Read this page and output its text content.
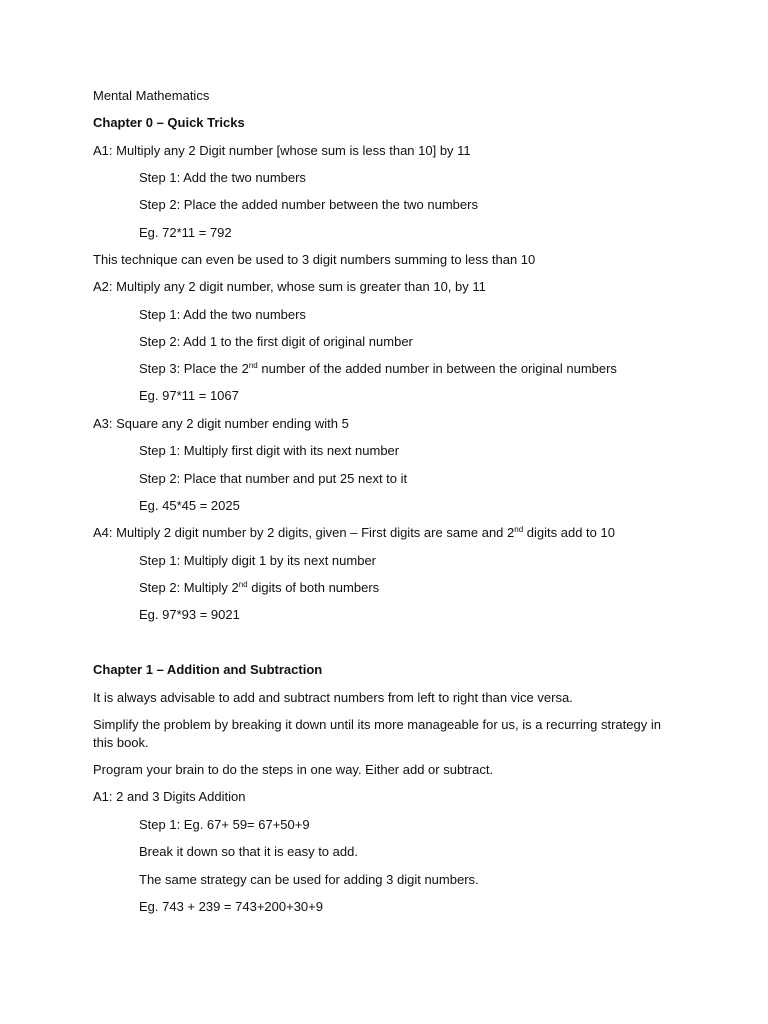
Mental Mathematics
Chapter 0 – Quick Tricks
A1: Multiply any 2 Digit number [whose sum is less than 10] by 11
Step 1: Add the two numbers
Step 2: Place the added number between the two numbers
Eg. 72*11 = 792
This technique can even be used to 3 digit numbers summing to less than 10
A2: Multiply any 2 digit number, whose sum is greater than 10, by 11
Step 1: Add the two numbers
Step 2: Add 1 to the first digit of original number
Step 3: Place the 2nd number of the added number in between the original numbers
Eg. 97*11 = 1067
A3: Square any 2 digit number ending with 5
Step 1: Multiply first digit with its next number
Step 2: Place that number and put 25 next to it
Eg. 45*45 = 2025
A4: Multiply 2 digit number by 2 digits, given – First digits are same and 2nd digits add to 10
Step 1: Multiply digit 1 by its next number
Step 2: Multiply 2nd digits of both numbers
Eg. 97*93 = 9021
Chapter 1 – Addition and Subtraction
It is always advisable to add and subtract numbers from left to right than vice versa.
Simplify the problem by breaking it down until its more manageable for us, is a recurring strategy in this book.
Program your brain to do the steps in one way. Either add or subtract.
A1: 2 and 3 Digits Addition
Step 1: Eg. 67+ 59= 67+50+9
Break it down so that it is easy to add.
The same strategy can be used for adding 3 digit numbers.
Eg. 743 + 239 = 743+200+30+9
